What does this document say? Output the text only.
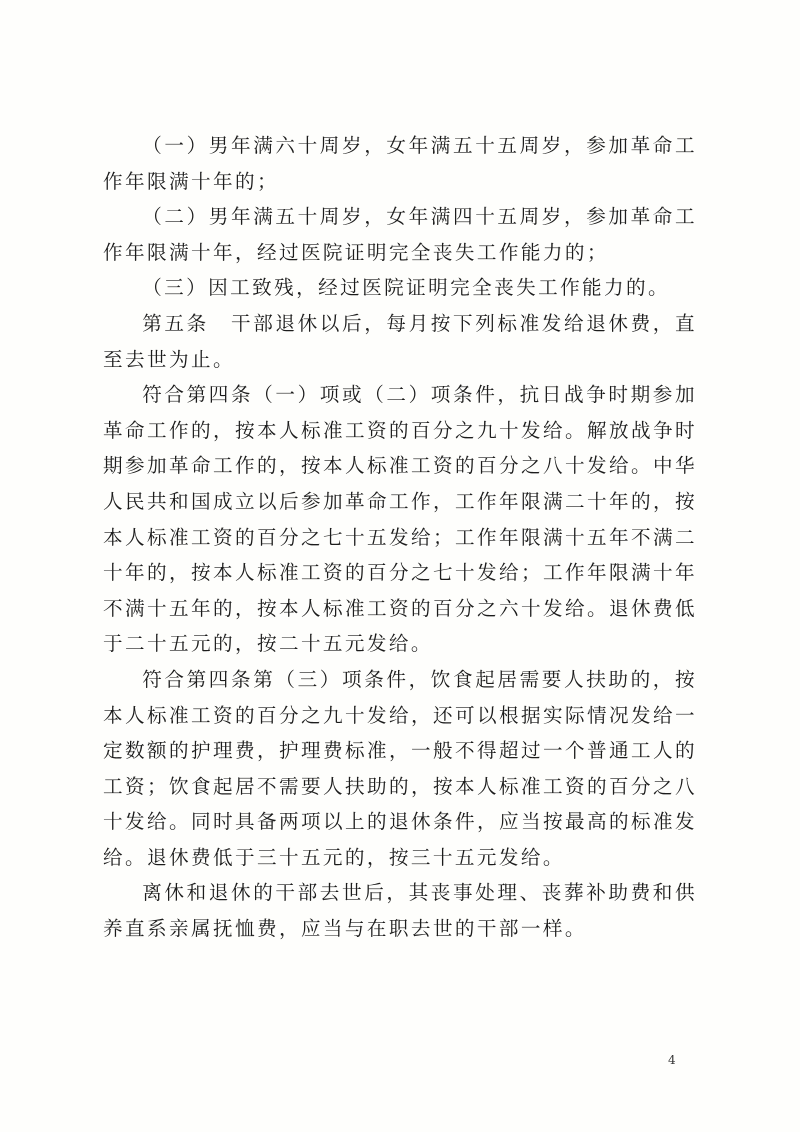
（一）男年满六十周岁，女年满五十五周岁，参加革命工作年限满十年的；

（二）男年满五十周岁，女年满四十五周岁，参加革命工作年限满十年，经过医院证明完全丧失工作能力的；

（三）因工致残，经过医院证明完全丧失工作能力的。

第五条　干部退休以后，每月按下列标准发给退休费，直至去世为止。

符合第四条（一）项或（二）项条件，抗日战争时期参加革命工作的，按本人标准工资的百分之九十发给。解放战争时期参加革命工作的，按本人标准工资的百分之八十发给。中华人民共和国成立以后参加革命工作，工作年限满二十年的，按本人标准工资的百分之七十五发给；工作年限满十五年不满二十年的，按本人标准工资的百分之七十发给；工作年限满十年不满十五年的，按本人标准工资的百分之六十发给。退休费低于二十五元的，按二十五元发给。

符合第四条第（三）项条件，饮食起居需要人扶助的，按本人标准工资的百分之九十发给，还可以根据实际情况发给一定数额的护理费，护理费标准，一般不得超过一个普通工人的工资；饮食起居不需要人扶助的，按本人标准工资的百分之八十发给。同时具备两项以上的退休条件，应当按最高的标准发给。退休费低于三十五元的，按三十五元发给。

离休和退休的干部去世后，其丧事处理、丧葬补助费和供养直系亲属抚恤费，应当与在职去世的干部一样。

4
